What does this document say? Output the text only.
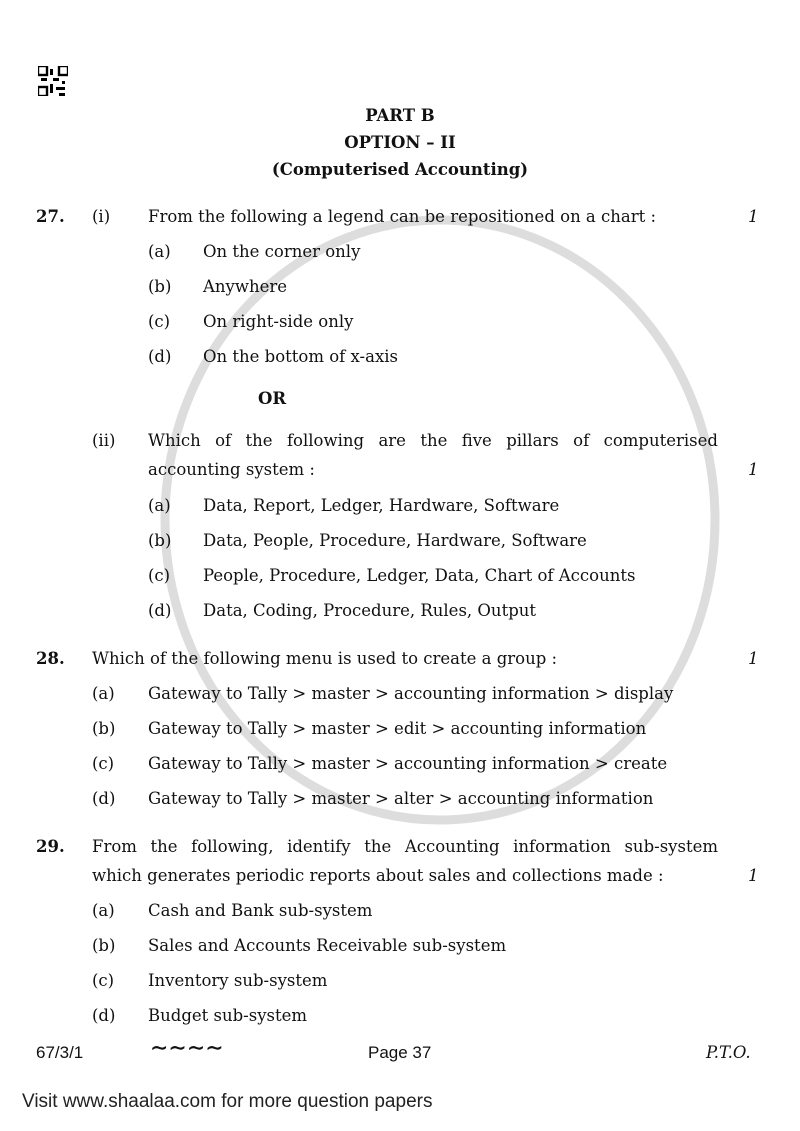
PART B
OPTION – II
(Computerised Accounting)
27. (i) From the following a legend can be repositioned on a chart :	1
(a) On the corner only
(b) Anywhere
(c) On right-side only
(d) On the bottom of x-axis
OR
(ii) Which of the following are the five pillars of computerised
accounting system :	1
(a) Data, Report, Ledger, Hardware, Software
(b) Data, People, Procedure, Hardware, Software
(c) People, Procedure, Ledger, Data, Chart of Accounts
(d) Data, Coding, Procedure, Rules, Output
28. Which of the following menu is used to create a group :	1
(a) Gateway to Tally > master > accounting information > display
(b) Gateway to Tally > master > edit > accounting information
(c) Gateway to Tally > master > accounting information > create
(d) Gateway to Tally > master > alter > accounting information
29. From the following, identify the Accounting information sub-system
which generates periodic reports about sales and collections made :	1
(a) Cash and Bank sub-system
(b) Sales and Accounts Receivable sub-system
(c) Inventory sub-system
(d) Budget sub-system
67/3/1	∼∼∼∼	Page 37	P.T.O.
Visit www.shaalaa.com for more question papers
